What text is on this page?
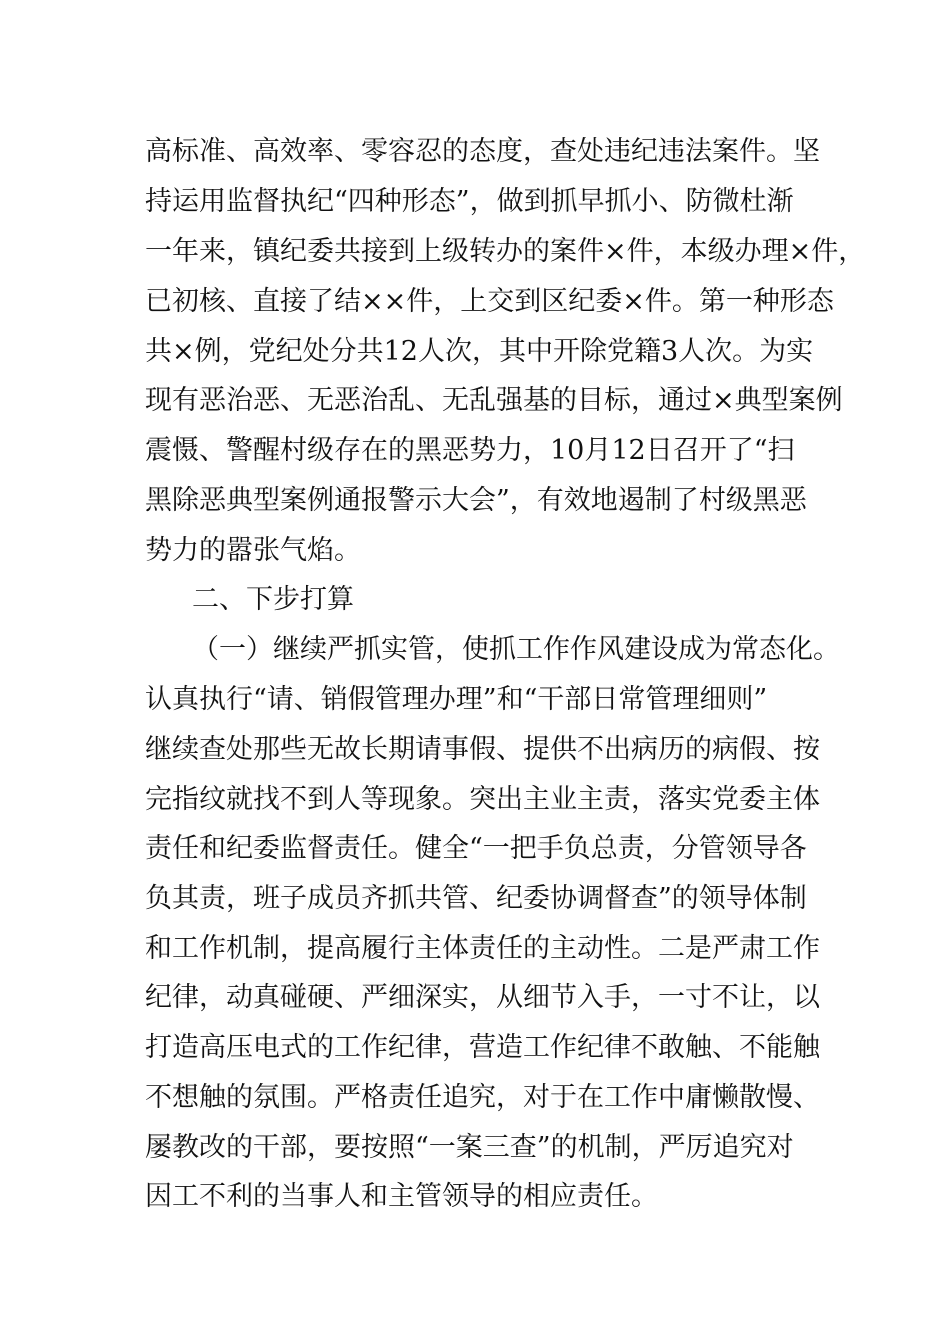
高标准、高效率、零容忍的态度，查处违纪违法案件。坚
持运用监督执纪“四种形态”，做到抓早抓小、防微杜渐
一年来，镇纪委共接到上级转办的案件×件，本级办理×件，
已初核、直接了结××件，上交到区纪委×件。第一种形态
共×例，党纪处分共12人次，其中开除党籍3人次。为实
现有恶治恶、无恶治乱、无乱强基的目标，通过×典型案例
震慑、警醒村级存在的黑恶势力，10月12日召开了“扫
黑除恶典型案例通报警示大会”，有效地遏制了村级黑恶
势力的嚣张气焰。
二、下步打算
（一）继续严抓实管，使抓工作作风建设成为常态化。
认真执行“请、销假管理办理”和“干部日常管理细则”
继续查处那些无故长期请事假、提供不出病历的病假、按
完指纹就找不到人等现象。突出主业主责，落实党委主体
责任和纪委监督责任。健全“一把手负总责，分管领导各
负其责，班子成员齐抓共管、纪委协调督查”的领导体制
和工作机制，提高履行主体责任的主动性。二是严肃工作
纪律，动真碰硬、严细深实，从细节入手，一寸不让，以
打造高压电式的工作纪律，营造工作纪律不敢触、不能触
不想触的氛围。严格责任追究，对于在工作中庸懒散慢、
屡教改的干部，要按照“一案三查”的机制，严厉追究对
因工不利的当事人和主管领导的相应责任。
